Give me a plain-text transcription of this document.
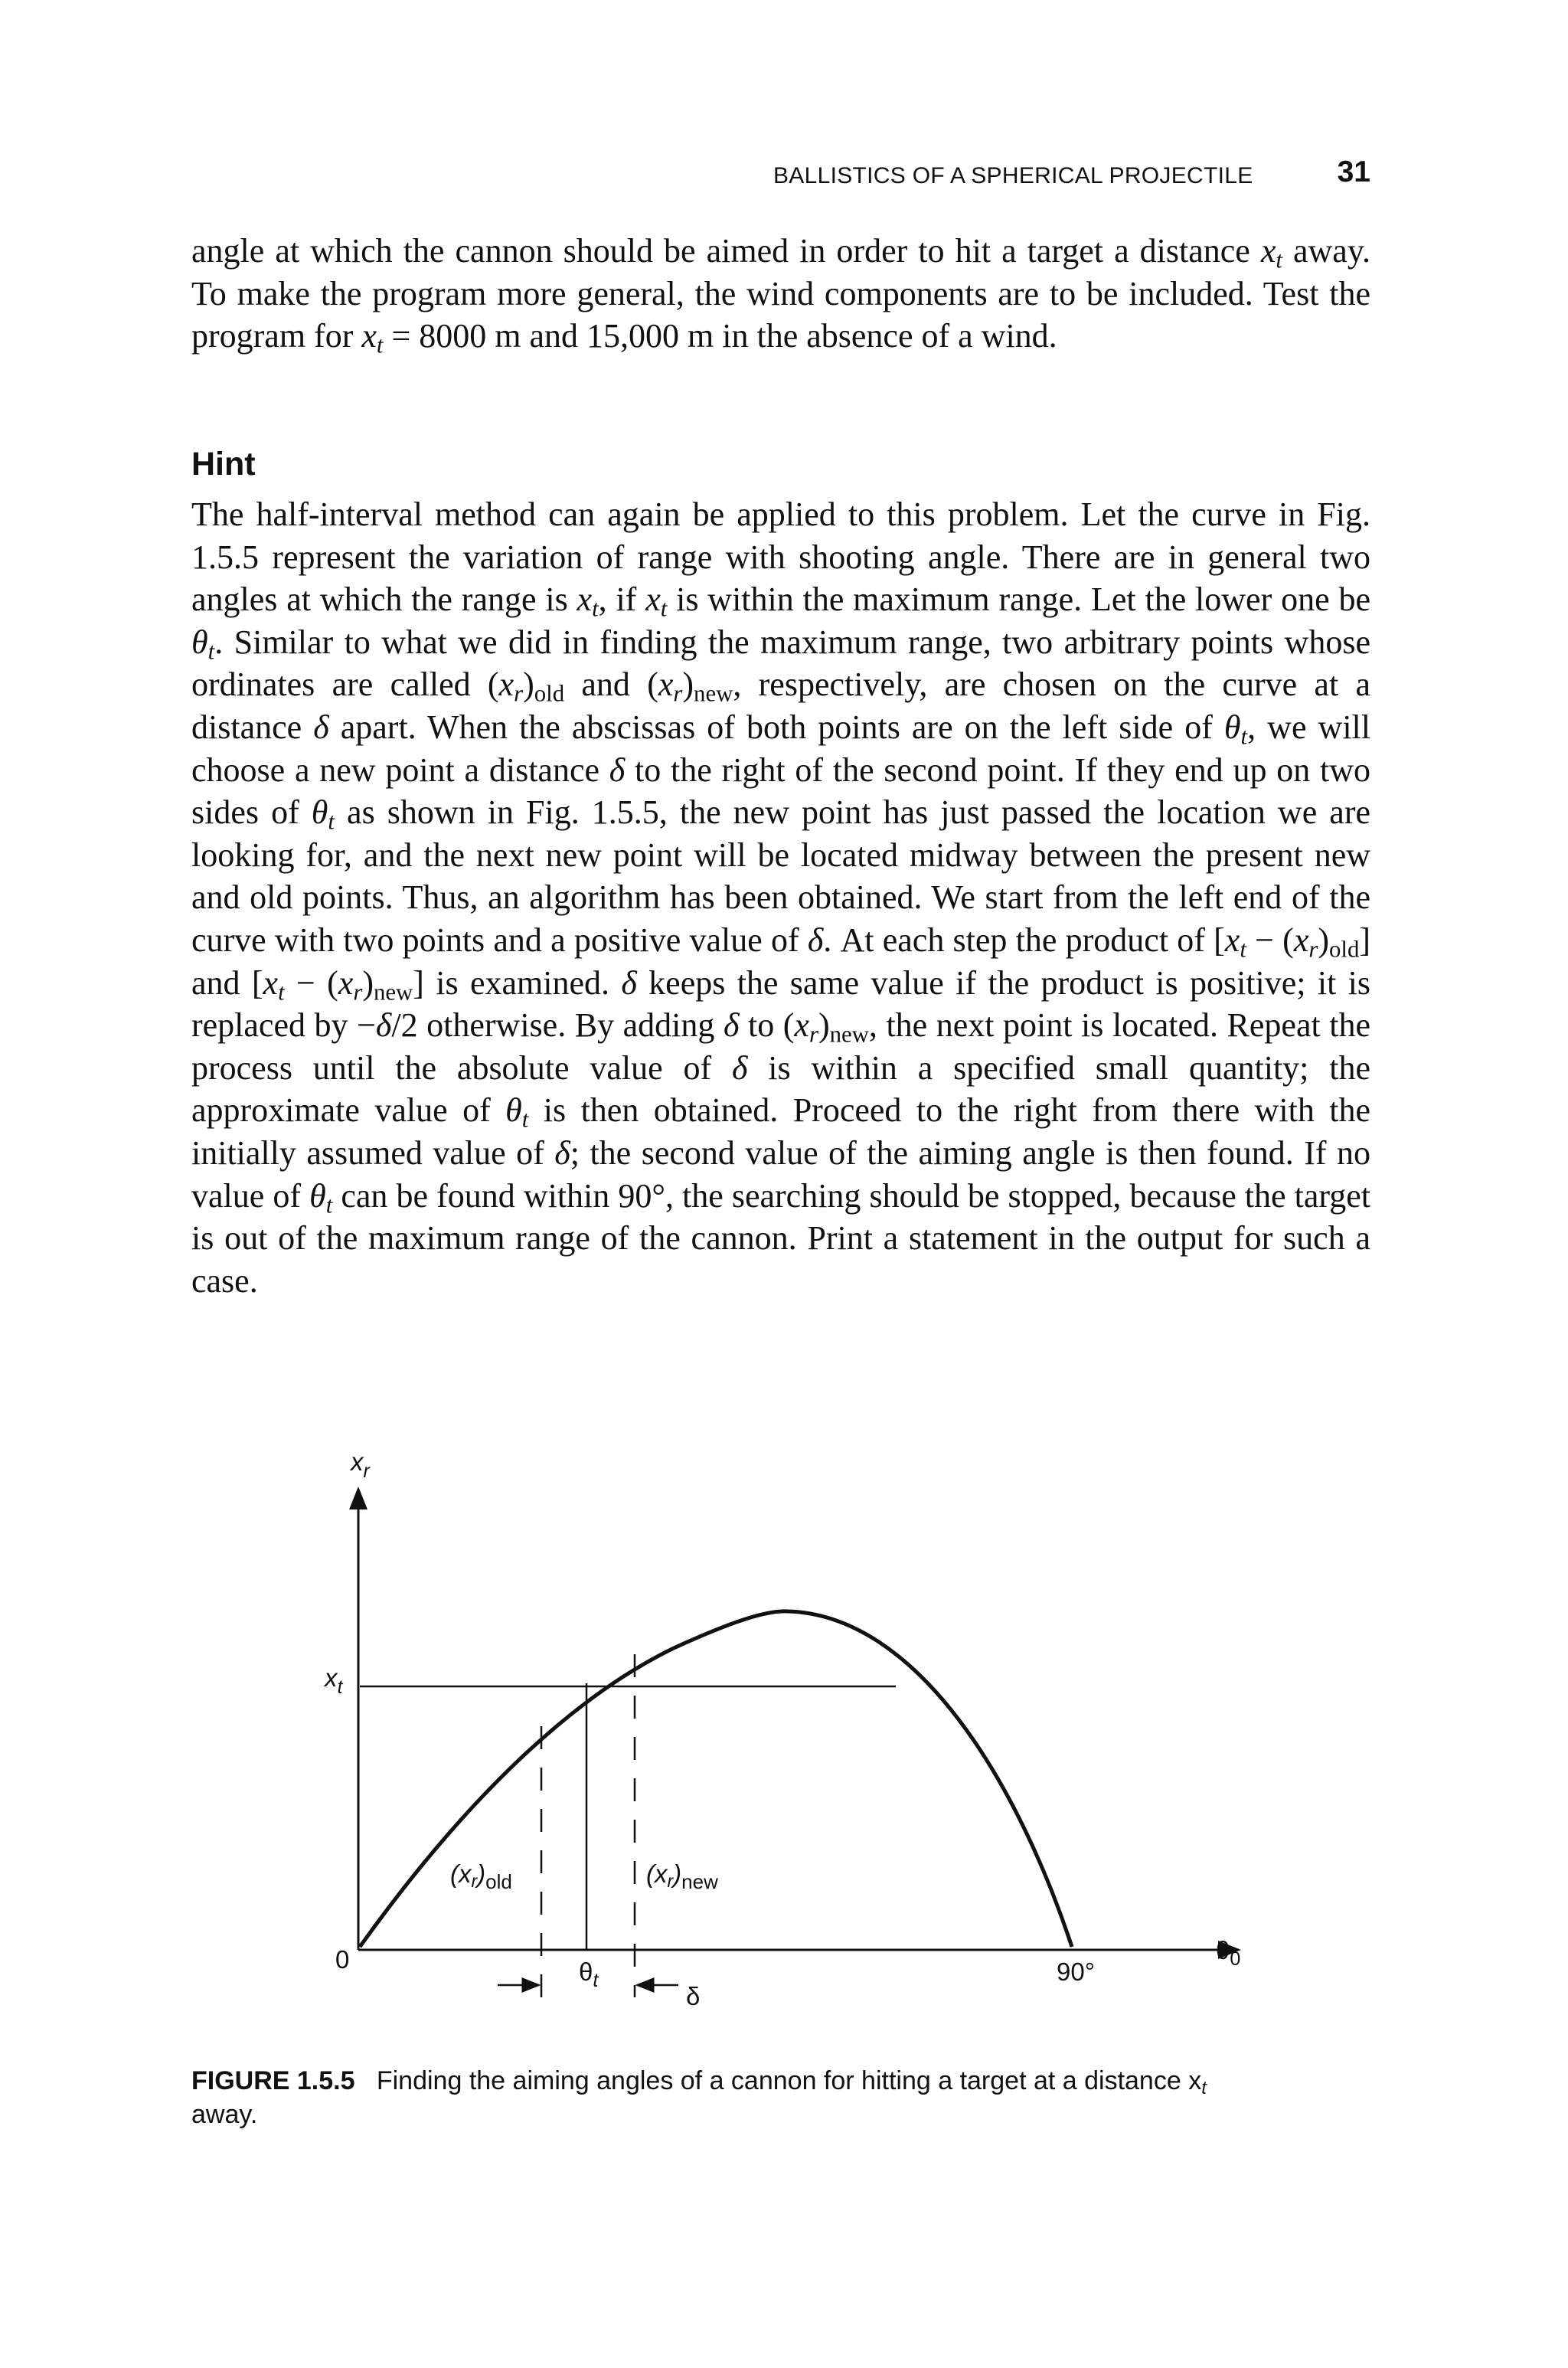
BALLISTICS OF A SPHERICAL PROJECTILE	31

angle at which the cannon should be aimed in order to hit a target a distance $x_t$ away. To make the program more general, the wind components are to be included. Test the program for $x_t = 8000$ m and 15,000 m in the absence of a wind.

Hint

The half-interval method can again be applied to this problem. Let the curve in Fig. 1.5.5 represent the variation of range with shooting angle. There are in general two angles at which the range is $x_t$, if $x_t$ is within the maximum range. Let the lower one be $\theta_t$. Similar to what we did in finding the maximum range, two arbitrary points whose ordinates are called $(x_r)_{old}$ and $(x_r)_{new}$, respectively, are chosen on the curve at a distance δ apart. When the abscissas of both points are on the left side of $\theta_t$, we will choose a new point a distance δ to the right of the second point. If they end up on two sides of $\theta_t$ as shown in Fig. 1.5.5, the new point has just passed the location we are looking for, and the next new point will be located midway between the present new and old points. Thus, an algorithm has been obtained. We start from the left end of the curve with two points and a positive value of δ. At each step the product of $[x_t - (x_r)_{old}]$ and $[x_t - (x_r)_{new}]$ is examined. δ keeps the same value if the product is positive; it is replaced by −δ/2 otherwise. By adding δ to $(x_r)_{new}$, the next point is located. Repeat the process until the absolute value of δ is within a specified small quantity; the approximate value of $\theta_t$ is then obtained. Proceed to the right from there with the initially assumed value of δ; the second value of the aiming angle is then found. If no value of $\theta_t$ can be found within 90°, the searching should be stopped, because the target is out of the maximum range of the cannon. Print a statement in the output for such a case.

$x_r$
$x_t$
0	$\theta_0$
90°
$\theta_t$
δ
$(xr)_{old}$	$(xr)_{new}$
FIGURE 1.5.5 Finding the aiming angles of a cannon for hitting a target at a distance $x_t$
away.
